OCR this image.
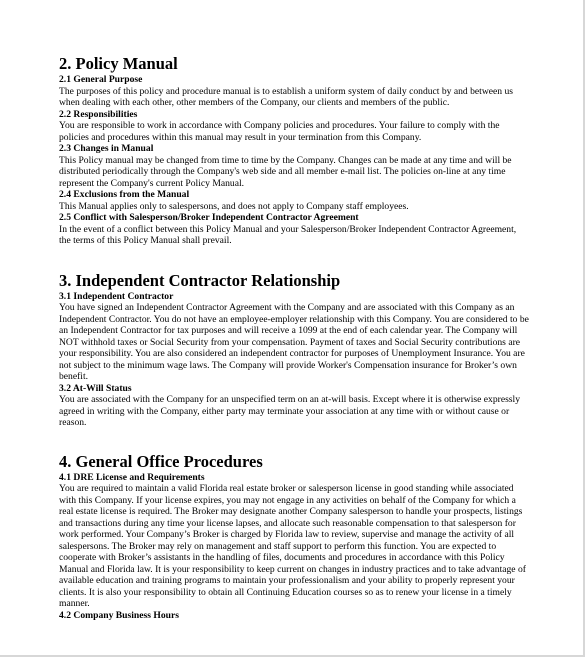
2. Policy Manual
2.1 General Purpose

The purposes of this policy and procedure manual is to establish a uniform system of daily conduct by and between us when dealing with each other, other members of the Company, our clients and members of the public.

2.2 Responsibilities

You are responsible to work in accordance with Company policies and procedures. Your failure to comply with the policies and procedures within this manual may result in your termination from this Company.

2.3 Changes in Manual

This Policy manual may be changed from time to time by the Company. Changes can be made at any time and will be distributed periodically through the Company's web side and all member e-mail list. The policies on-line at any time represent the Company's current Policy Manual.

2.4 Exclusions from the Manual

This Manual applies only to salespersons, and does not apply to Company staff employees.

2.5 Conflict with Salesperson/Broker Independent Contractor Agreement

In the event of a conflict between this Policy Manual and your Salesperson/Broker Independent Contractor Agreement, the terms of this Policy Manual shall prevail.

3. Independent Contractor Relationship
3.1 Independent Contractor

You have signed an Independent Contractor Agreement with the Company and are associated with this Company as an Independent Contractor. You do not have an employee-employer relationship with this Company. You are considered to be an Independent Contractor for tax purposes and will receive a 1099 at the end of each calendar year. The Company will NOT withhold taxes or Social Security from your compensation. Payment of taxes and Social Security contributions are your responsibility. You are also considered an independent contractor for purposes of Unemployment Insurance. You are not subject to the minimum wage laws. The Company will provide Worker's Compensation insurance for Broker’s own benefit.

3.2 At-Will Status

You are associated with the Company for an unspecified term on an at-will basis. Except where it is otherwise expressly agreed in writing with the Company, either party may terminate your association at any time with or without cause or reason.

4. General Office Procedures
4.1 DRE License and Requirements

You are required to maintain a valid Florida real estate broker or salesperson license in good standing while associated with this Company. If your license expires, you may not engage in any activities on behalf of the Company for which a real estate license is required. The Broker may designate another Company salesperson to handle your prospects, listings and transactions during any time your license lapses, and allocate such reasonable compensation to that salesperson for work performed. Your Company’s Broker is charged by Florida law to review, supervise and manage the activity of all salespersons. The Broker may rely on management and staff support to perform this function. You are expected to cooperate with Broker’s assistants in the handling of files, documents and procedures in accordance with this Policy Manual and Florida law. It is your responsibility to keep current on changes in industry practices and to take advantage of available education and training programs to maintain your professionalism and your ability to properly represent your clients. It is also your responsibility to obtain all Continuing Education courses so as to renew your license in a timely manner.

4.2 Company Business Hours
